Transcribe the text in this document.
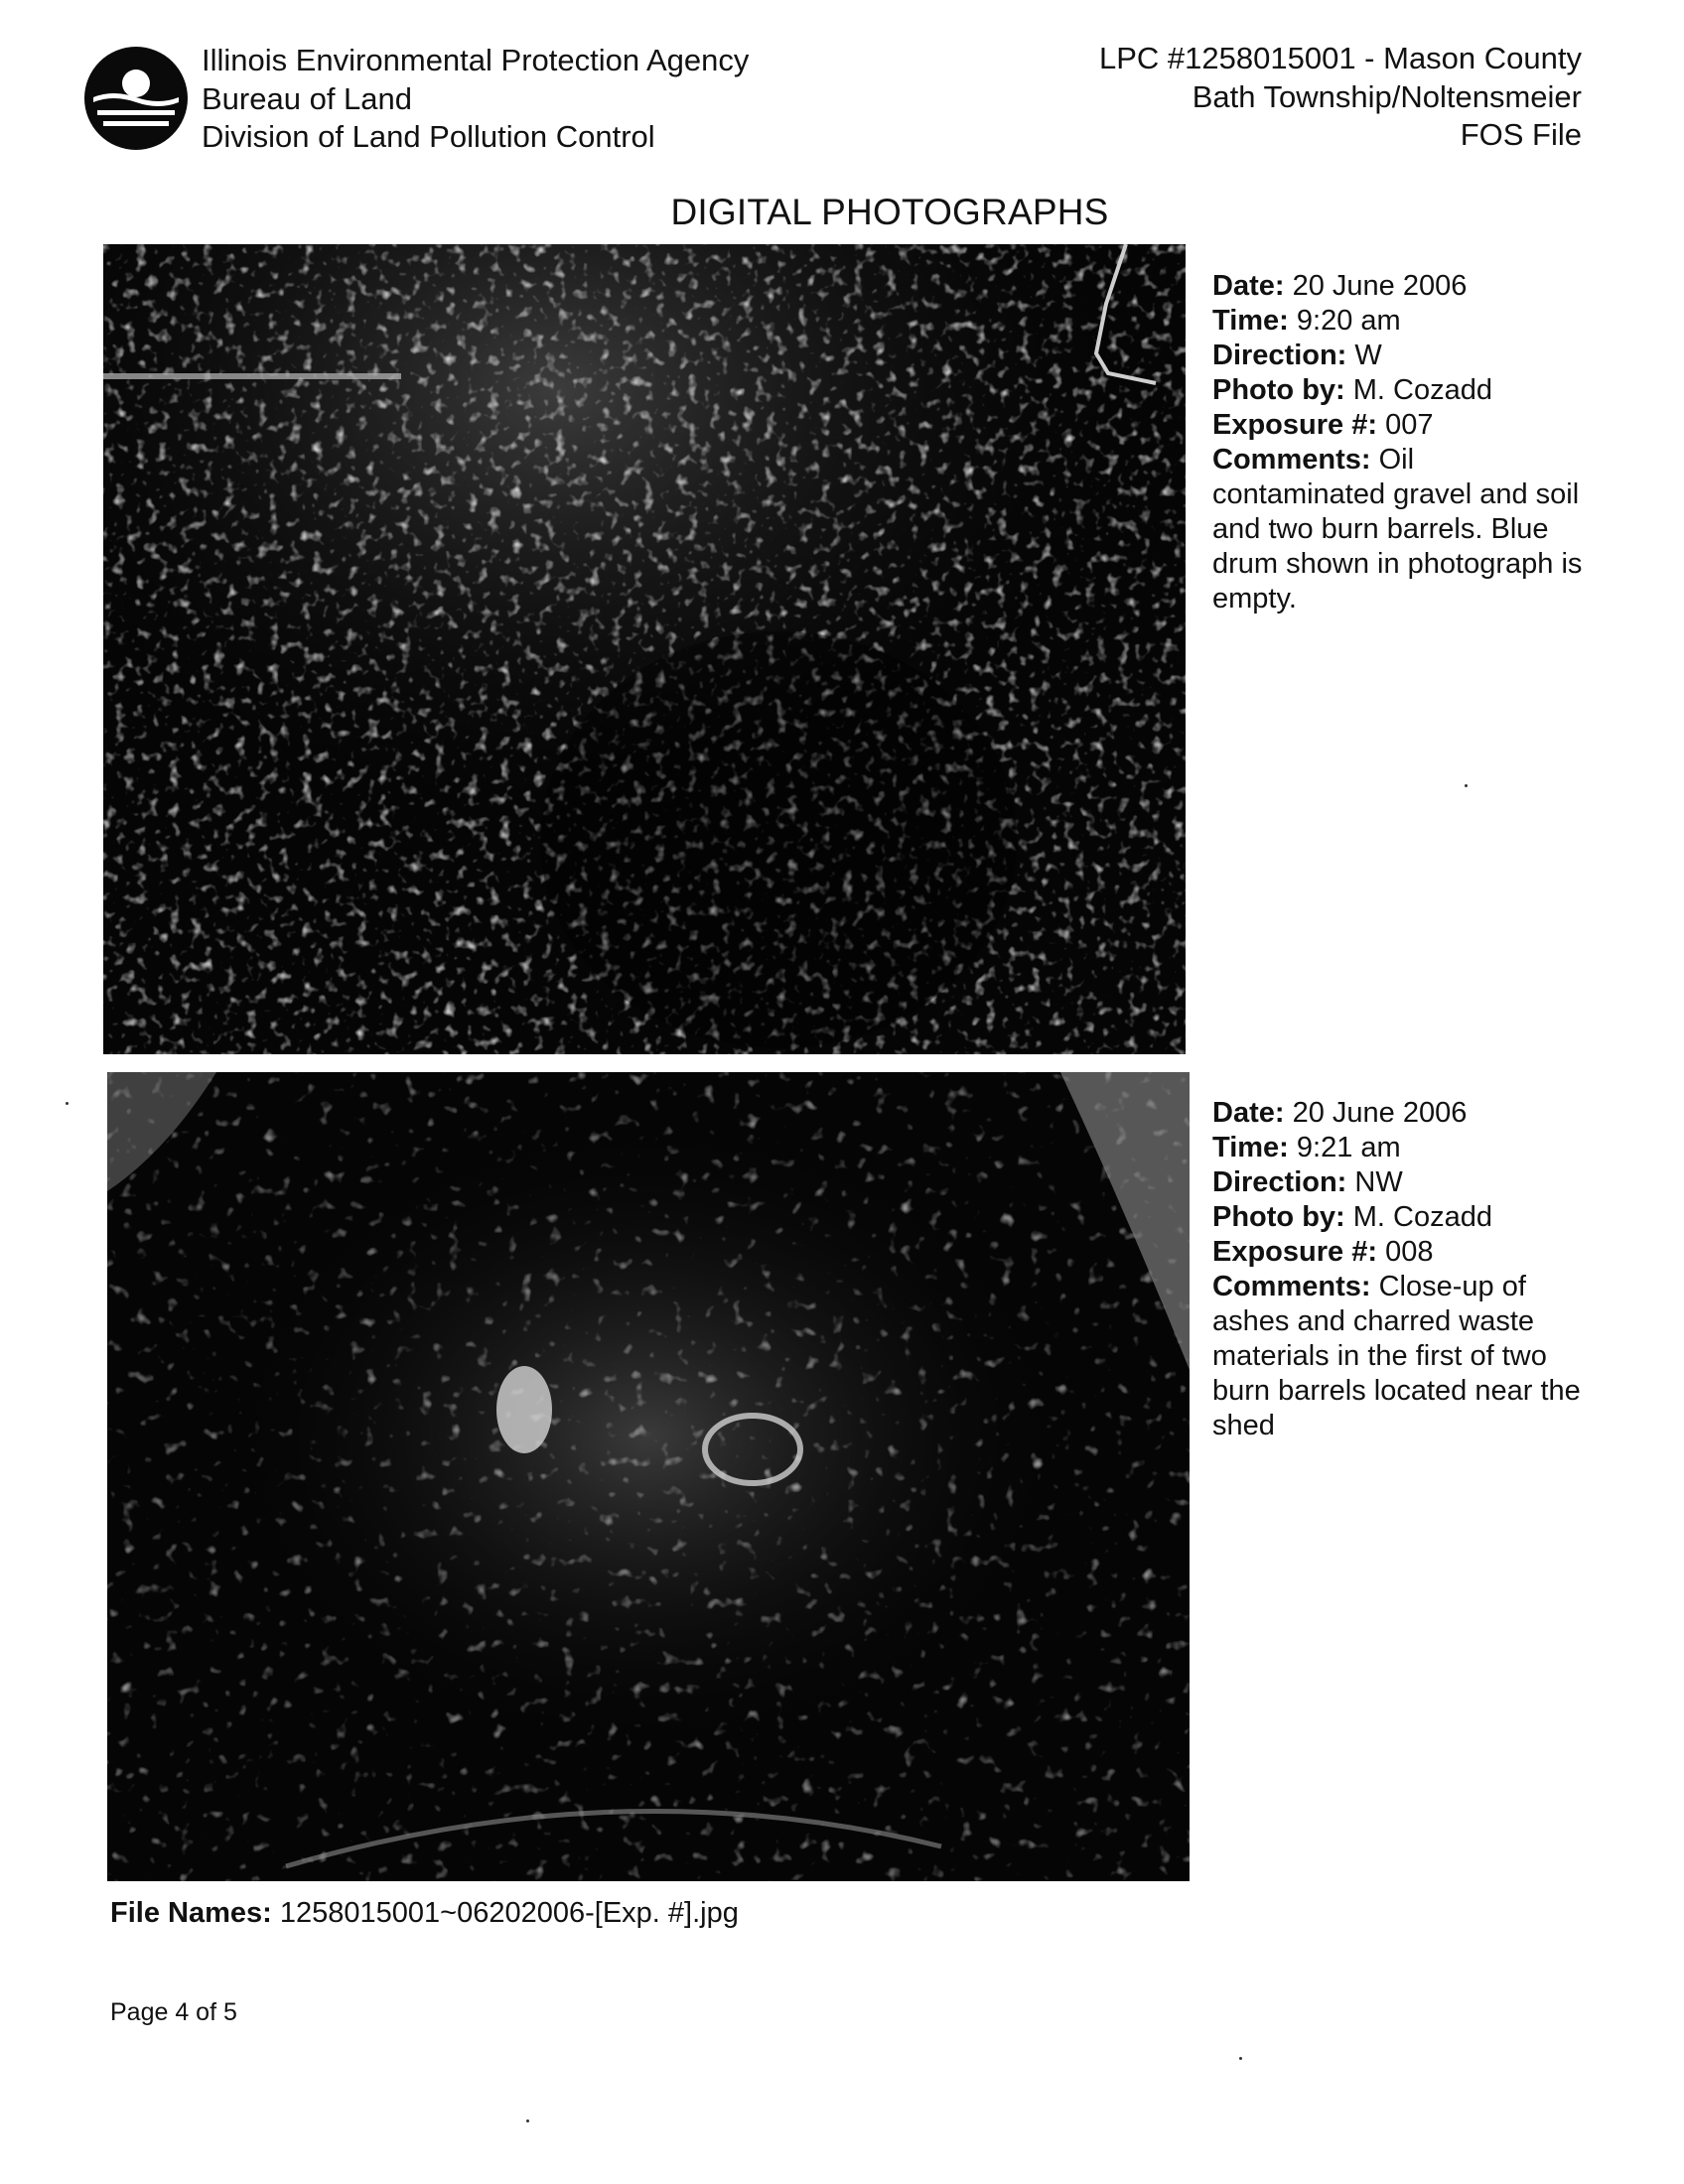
Illinois Environmental Protection Agency
Bureau of Land
Division of Land Pollution Control
LPC #1258015001 - Mason County
Bath Township/Noltensmeier
FOS File
DIGITAL PHOTOGRAPHS
Date: 20 June 2006
Time: 9:20 am
Direction: W
Photo by: M. Cozadd
Exposure #: 007
Comments: Oil contaminated gravel and soil and two burn barrels. Blue drum shown in photograph is empty.
Date: 20 June 2006
Time: 9:21 am
Direction: NW
Photo by: M. Cozadd
Exposure #: 008
Comments: Close-up of ashes and charred waste materials in the first of two burn barrels located near the shed
File Names: 1258015001~06202006-[Exp. #].jpg
Page 4 of 5
